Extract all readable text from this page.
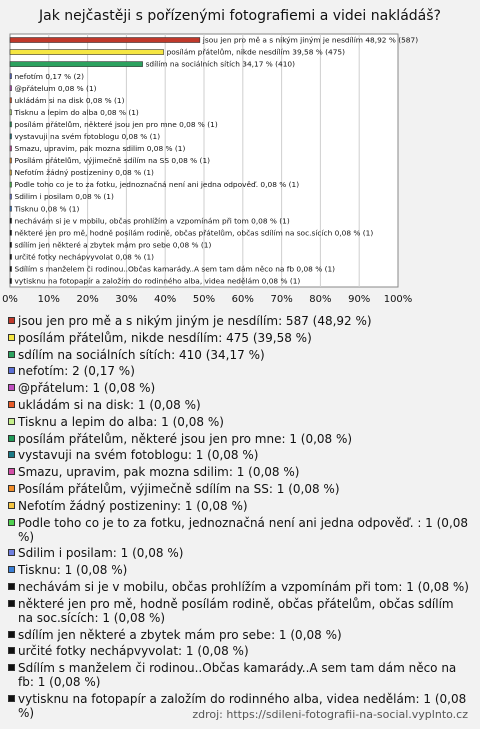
Jak nejčastěji s pořízenými fotografiemi a videi nakládáš?
jsou jen pro mě a s nikým jiným je nesdílím 48,92 % (587)
posílám přátelům, nikde nesdílím 39,58 % (475)
sdílím na sociálních sítích 34,17 % (410)
nefotím 0,17 % (2)
@přátelum 0,08 % (1)
ukládám si na disk 0,08 % (1)
Tisknu a lepim do alba 0,08 % (1)
posílám přátelům, některé jsou jen pro mne 0,08 % (1)
vystavuji na svém fotoblogu 0,08 % (1)
Smazu, upravim, pak mozna sdilim 0,08 % (1)
Posílám přátelům, výjimečně sdílím na SS 0,08 % (1)
Nefotím žádný postizeniny 0,08 % (1)
Podle toho co je to za fotku, jednoznačná není ani jedna odpověď. 0,08 % (1)
Sdilim i posilam 0,08 % (1)
Tisknu 0,08 % (1)
nechávám si je v mobilu, občas prohlížím a vzpomínám při tom 0,08 % (1)
některé jen pro mě, hodně posílám rodině, občas přátelům, občas sdílím na soc.sících 0,08 % (1)
sdílím jen některé a zbytek mám pro sebe 0,08 % (1)
určité fotky nechápvyvolat 0,08 % (1)
Sdílím s manželem či rodinou..Občas kamarády..A sem tam dám něco na fb 0,08 % (1)
vytisknu na fotopapír a založím do rodinného alba, videa nedělám 0,08 % (1)
0% 10% 20% 30% 40% 50% 60% 70% 80% 90% 100%
jsou jen pro mě a s nikým jiným je nesdílím: 587 (48,92 %)
posílám přátelům, nikde nesdílím: 475 (39,58 %)
sdílím na sociálních sítích: 410 (34,17 %)
nefotím: 2 (0,17 %)
@přátelum: 1 (0,08 %)
ukládám si na disk: 1 (0,08 %)
Tisknu a lepim do alba: 1 (0,08 %)
posílám přátelům, některé jsou jen pro mne: 1 (0,08 %)
vystavuji na svém fotoblogu: 1 (0,08 %)
Smazu, upravim, pak mozna sdilim: 1 (0,08 %)
Posílám přátelům, výjimečně sdílím na SS: 1 (0,08 %)
Nefotím žádný postizeniny: 1 (0,08 %)
Podle toho co je to za fotku, jednoznačná není ani jedna odpověď. : 1 (0,08 %)
Sdilim i posilam: 1 (0,08 %)
Tisknu: 1 (0,08 %)
nechávám si je v mobilu, občas prohlížím a vzpomínám při tom: 1 (0,08 %)
některé jen pro mě, hodně posílám rodině, občas přátelům, občas sdílím na soc.sících: 1 (0,08 %)
sdílím jen některé a zbytek mám pro sebe: 1 (0,08 %)
určité fotky nechápvyvolat: 1 (0,08 %)
Sdílím s manželem či rodinou..Občas kamarády..A sem tam dám něco na fb: 1 (0,08 %)
vytisknu na fotopapír a založím do rodinného alba, videa nedělám: 1 (0,08 %)	zdroj: https://sdileni-fotografii-na-social.vyplnto.cz
